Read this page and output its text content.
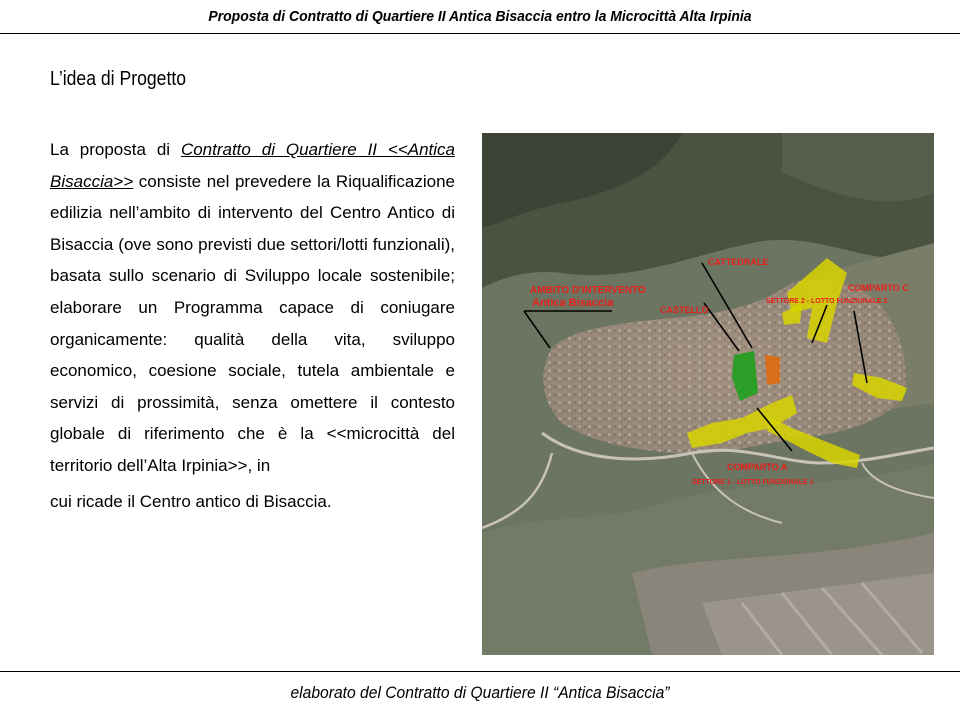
Proposta di Contratto di Quartiere II Antica Bisaccia entro la Microcittà Alta Irpinia
L’idea di Progetto
La proposta di Contratto di Quartiere II <<Antica Bisaccia>> consiste nel prevedere la Riqualificazione edilizia nell’ambito di intervento del Centro Antico di Bisaccia (ove sono previsti due settori/lotti funzionali), basata sullo scenario di Sviluppo locale sostenibile; elaborare un Programma capace di coniugare organicamente: qualità della vita, sviluppo economico, coesione sociale, tutela ambientale e servizi di prossimità, senza omettere il contesto globale di riferimento che è la <<microcittà del territorio dell’Alta Irpinia>>, in
cui ricade il Centro antico di Bisaccia.
AMBITO D'INTERVENTO
Antica Bisaccia
CATTEDRALE
CASTELLO
COMPARTO C
SETTORE 2 - LOTTO FUNZIONALE 2
COMPARTO A
SETTORE 1 - LOTTO FUNZIONALE 1
elaborato del Contratto di Quartiere II “Antica Bisaccia”
